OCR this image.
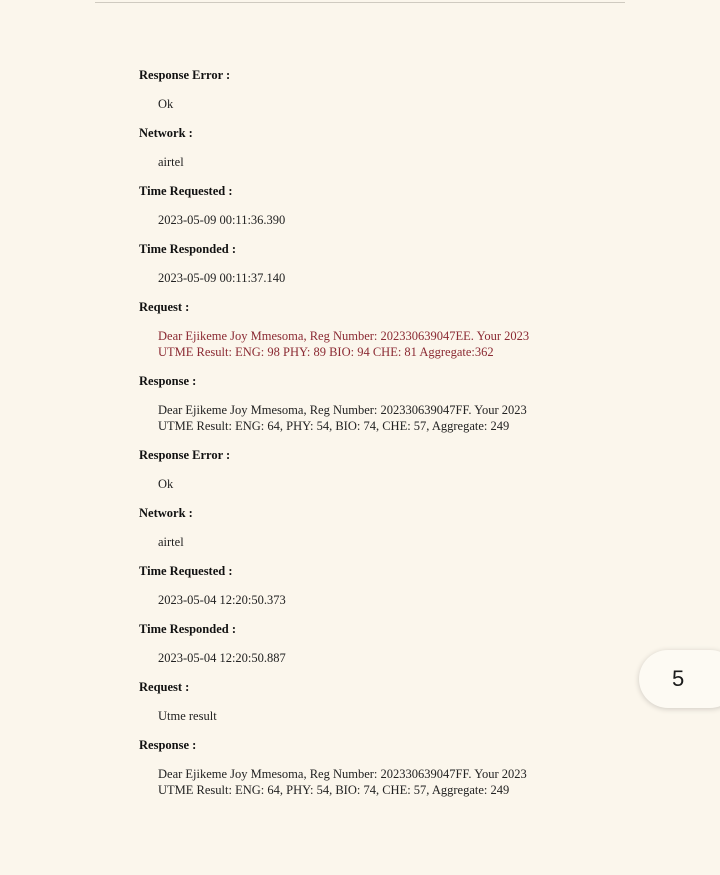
Response Error :

Ok

Network :

airtel

Time Requested :

2023-05-09 00:11:36.390

Time Responded :

2023-05-09 00:11:37.140

Request :

Dear Ejikeme Joy Mmesoma, Reg Number: 202330639047EE. Your 2023
UTME Result: ENG: 98 PHY: 89 BIO: 94 CHE: 81 Aggregate:362

Response :

Dear Ejikeme Joy Mmesoma, Reg Number: 202330639047FF. Your 2023
UTME Result: ENG: 64, PHY: 54, BIO: 74, CHE: 57, Aggregate: 249

Response Error :

Ok

Network :

airtel

Time Requested :

2023-05-04 12:20:50.373

Time Responded :

2023-05-04 12:20:50.887

Request :

Utme result

Response :

Dear Ejikeme Joy Mmesoma, Reg Number: 202330639047FF. Your 2023
UTME Result: ENG: 64, PHY: 54, BIO: 74, CHE: 57, Aggregate: 249

5
